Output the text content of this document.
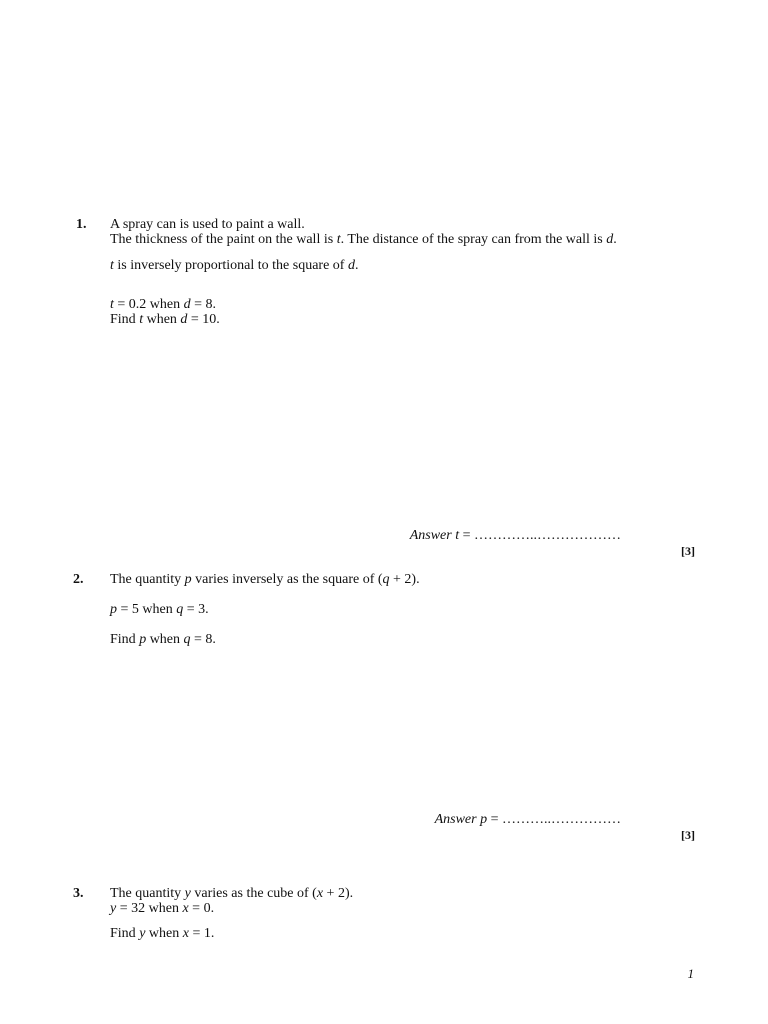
1. A spray can is used to paint a wall.
The thickness of the paint on the wall is t. The distance of the spray can from the wall is d.
t is inversely proportional to the square of d.
t = 0.2 when d = 8.
Find t when d = 10.
Answer t = …………..………………
[3]
2. The quantity p varies inversely as the square of (q + 2).
p = 5 when q = 3.
Find p when q = 8.
Answer p = ………..……………
[3]
3. The quantity y varies as the cube of (x + 2).
y = 32 when x = 0.
Find y when x = 1.
1
